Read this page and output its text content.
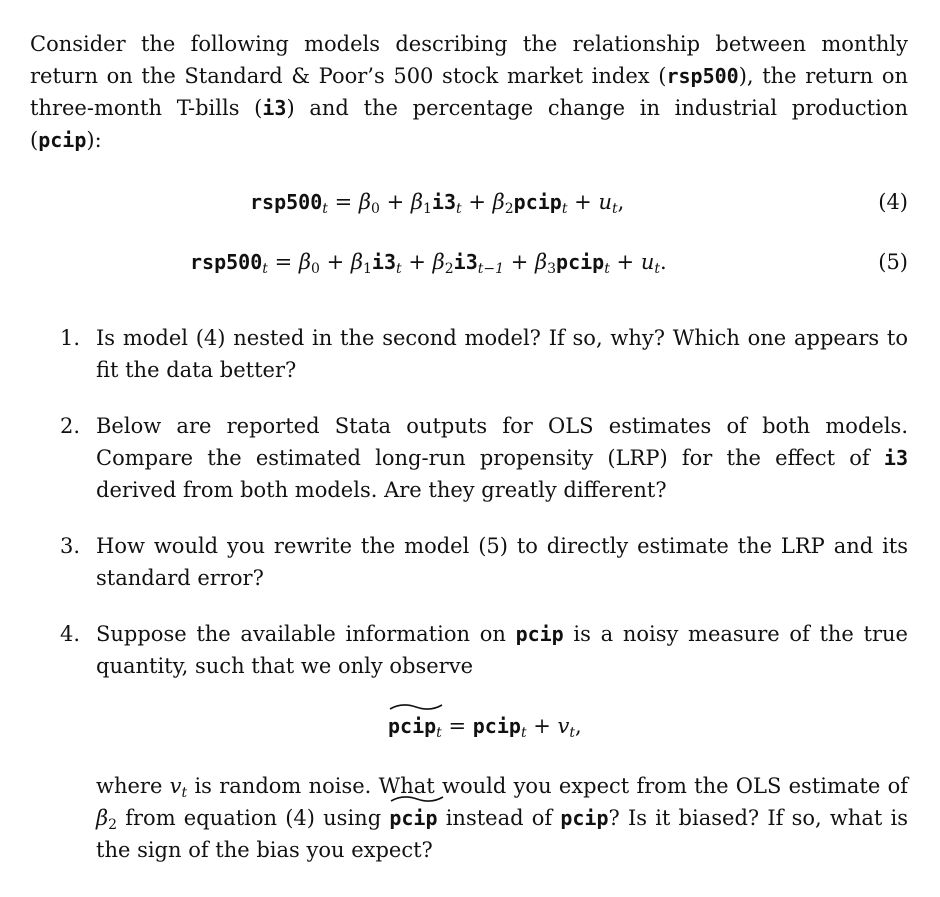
Consider the following models describing the relationship between monthly return on the Standard & Poor’s 500 stock market index (rsp500), the return on three-month T-bills (i3) and the percentage change in industrial production (pcip):

$rsp500_t = \beta_0 + \beta_1i3_t$ + $\beta_2pcip_t + u_t$,	(4)
$rsp500_t = \beta_0 + \beta_1i3_t + \beta_2i3_{t-1}$ + $\beta_3pcip_t + u_t$.	(5)
1. Is model (4) nested in the second model? If so, why? Which one appears to fit the data better?
2. Below are reported Stata outputs for OLS estimates of both models. Compare the estimated long-run propensity (LRP) for the effect of i3 derived from both models. Are they greatly different?
3. How would you rewrite the model (5) to directly estimate the LRP and its standard error?
4. Suppose the available information on pcip is a noisy measure of the true quantity, such that we only observe
pcip$_t$ = pcip$_t$ + $v_t$,
where $v_t$ is random noise. What would you expect from the OLS estimate of $\beta_2$ from equation (4) using
pcip instead of pcip? Is it biased? If so, what is the sign of the bias you expect?
